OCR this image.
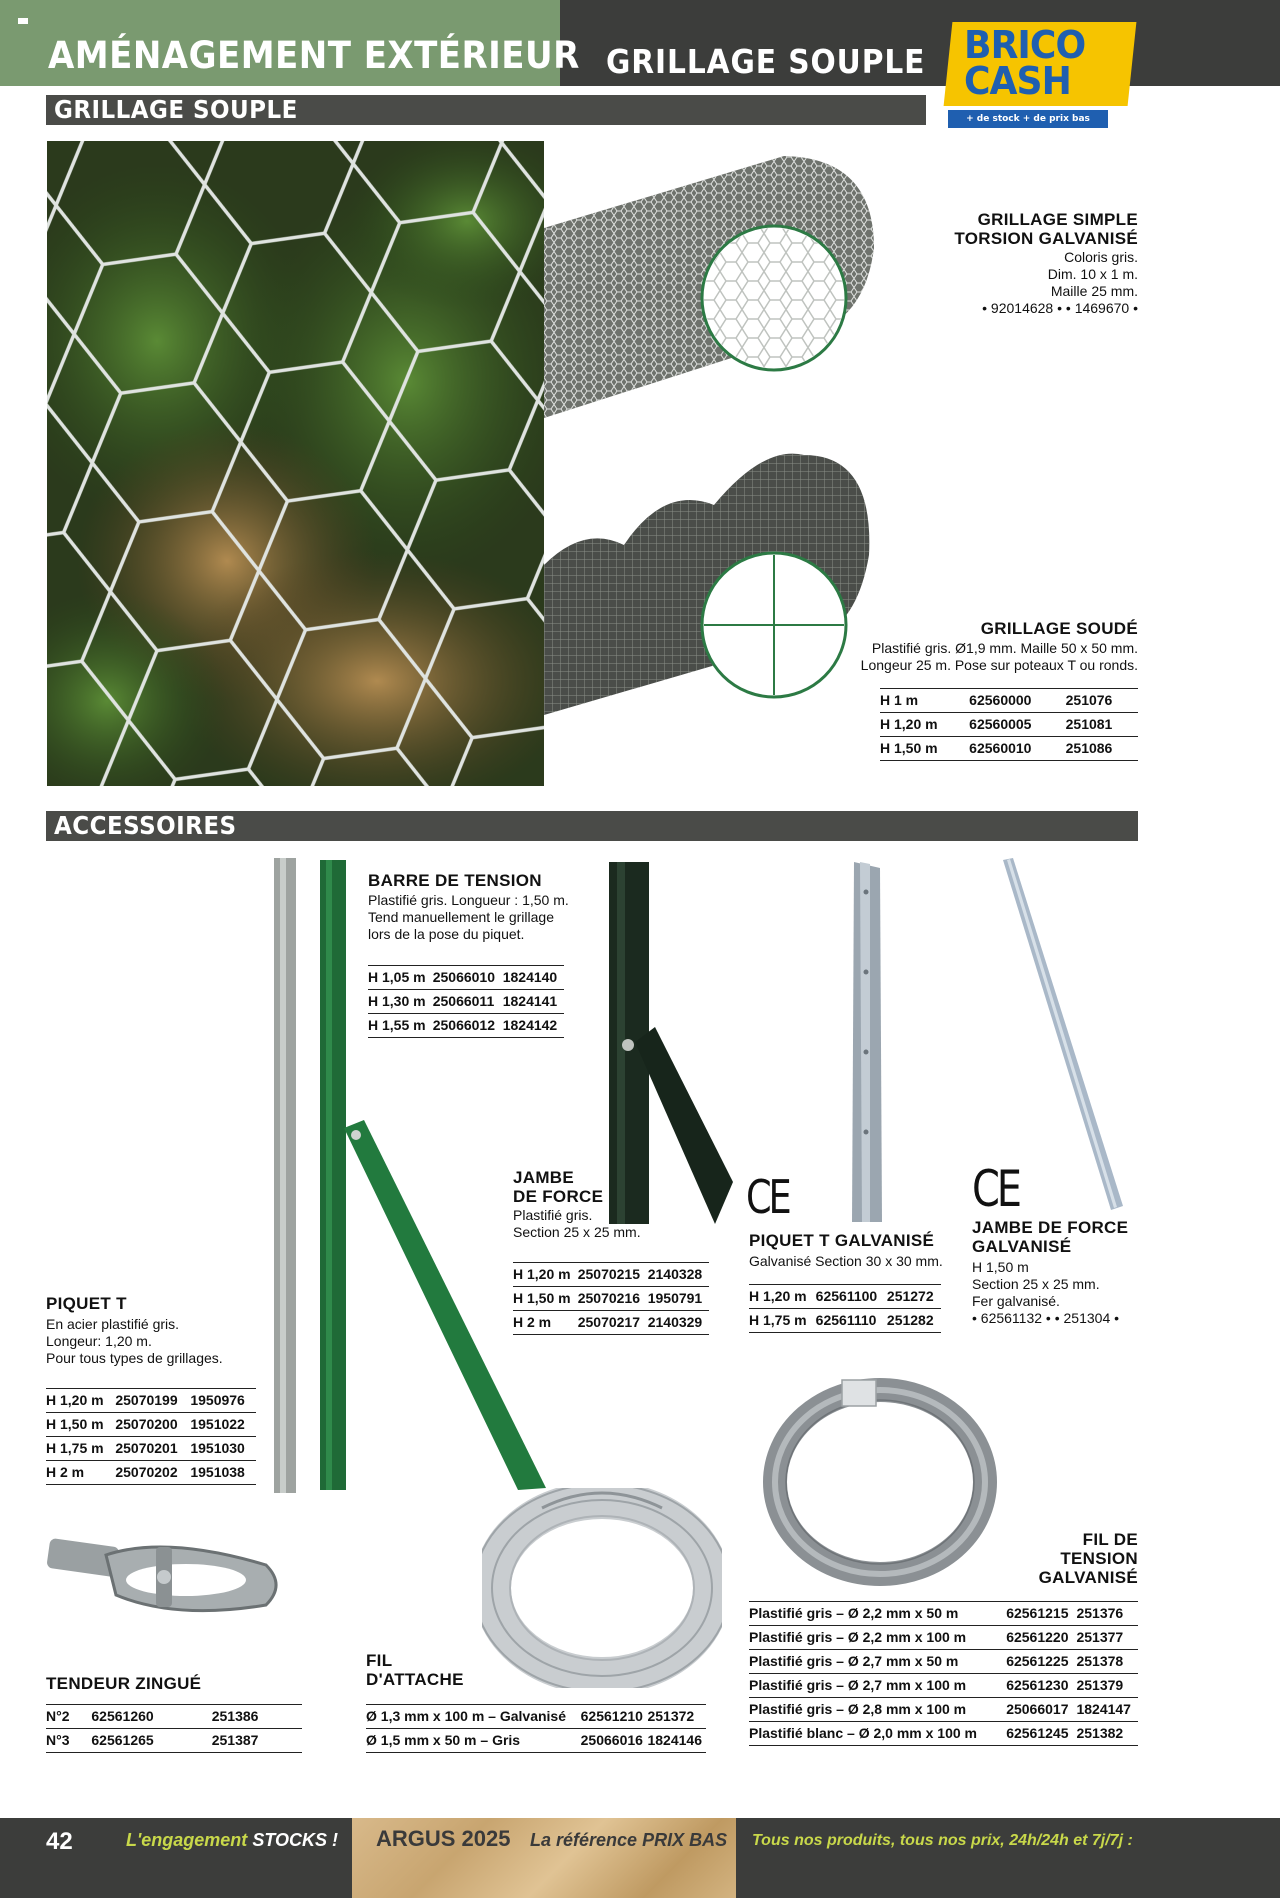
AMÉNAGEMENT EXTÉRIEUR GRILLAGE SOUPLE BRICO
CASH
+ de stock + de prix bas
GRILLAGE SOUPLE
GRILLAGE SIMPLE
TORSION GALVANISÉ
Coloris gris.
Dim. 10 x 1 m.
Maille 25 mm.
• 92014628 • • 1469670 •
GRILLAGE SOUDÉ
Plastifié gris. Ø1,9 mm. Maille 50 x 50 mm.
Longeur 25 m. Pose sur poteaux T ou ronds.
H 1 m	62560000	251076
H 1,20 m	62560005	251081
H 1,50 m	62560010	251086
ACCESSOIRES
BARRE DE TENSION
Plastifié gris. Longueur : 1,50 m.
Tend manuellement le grillage
lors de la pose du piquet.
H 1,05 m	25066010	1824140
H 1,30 m	25066011	1824141
H 1,55 m	25066012	1824142
JAMBE
DE FORCE
Plastifié gris.
Section 25 x 25 mm.
H 1,20 m	25070215	2140328
H 1,50 m	25070216	1950791
H 2 m	25070217	2140329
CE	CE
PIQUET T GALVANISÉ
Galvanisé Section 30 x 30 mm.
H 1,20 m	62561100	251272
H 1,75 m	62561110	251282
JAMBE DE FORCE
GALVANISÉ
H 1,50 m
Section 25 x 25 mm.
Fer galvanisé.
• 62561132 • • 251304 •
PIQUET T
En acier plastifié gris.
Longeur: 1,20 m.
Pour tous types de grillages.
H 1,20 m	25070199	1950976
H 1,50 m	25070200	1951022
H 1,75 m	25070201	1951030
H 2 m	25070202	1951038
TENDEUR ZINGUÉ
N°2	62561260	251386
N°3	62561265	251387
FIL
D'ATTACHE
Ø 1,3 mm x 100 m – Galvanisé	62561210	251372
Ø 1,5 mm x 50 m – Gris	25066016	1824146
FIL DE
TENSION
GALVANISÉ
Plastifié gris – Ø 2,2 mm x 50 m	62561215	251376
Plastifié gris – Ø 2,2 mm x 100 m	62561220	251377
Plastifié gris – Ø 2,7 mm x 50 m	62561225	251378
Plastifié gris – Ø 2,7 mm x 100 m	62561230	251379
Plastifié gris – Ø 2,8 mm x 100 m	25066017	1824147
Plastifié blanc – Ø 2,0 mm x 100 m	62561245	251382
42	L'engagement STOCKS ! ARGUS 2025 La référence PRIX BAS Tous nos produits, tous nos prix, 24h/24h et 7j/7j :
